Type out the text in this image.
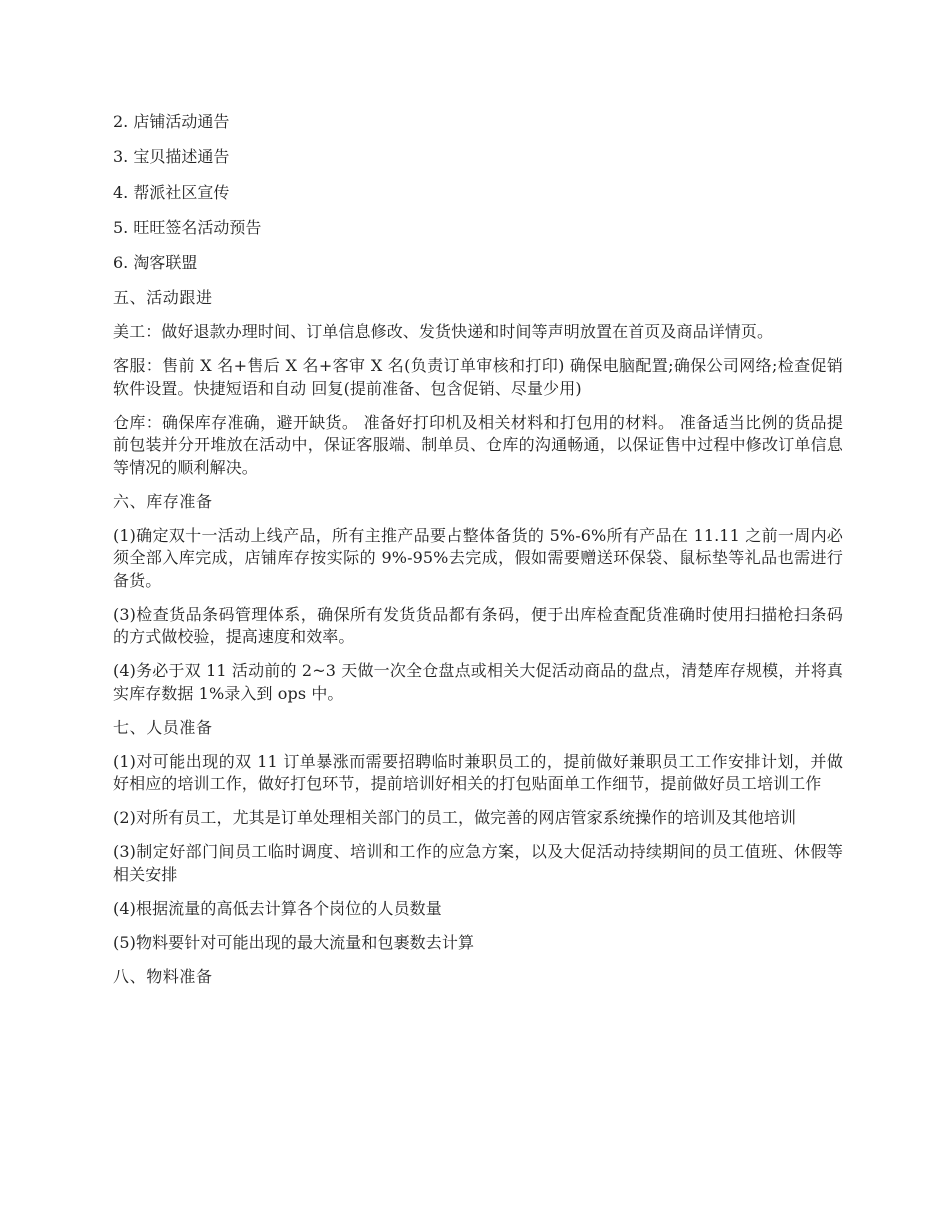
2. 店铺活动通告

3. 宝贝描述通告

4. 帮派社区宣传

5. 旺旺签名活动预告

6. 淘客联盟

五、活动跟进

美工：做好退款办理时间、订单信息修改、发货快递和时间等声明放置在首页及商品详情页。

客服：售前 X 名+售后 X 名+客审 X 名(负责订单审核和打印) 确保电脑配置;确保公司网络;检查促销软件设置。快捷短语和自动 回复(提前准备、包含促销、尽量少用)

仓库：确保库存准确，避开缺货。 准备好打印机及相关材料和打包用的材料。 准备适当比例的货品提前包装并分开堆放在活动中，保证客服端、制单员、仓库的沟通畅通，以保证售中过程中修改订单信息等情况的顺利解决。

六、库存准备

(1)确定双十一活动上线产品，所有主推产品要占整体备货的 5%-6%所有产品在 11.11 之前一周内必须全部入库完成，店铺库存按实际的 9%-95%去完成，假如需要赠送环保袋、鼠标垫等礼品也需进行备货。

(3)检查货品条码管理体系，确保所有发货货品都有条码，便于出库检查配货准确时使用扫描枪扫条码的方式做校验，提高速度和效率。

(4)务必于双 11 活动前的 2~3 天做一次全仓盘点或相关大促活动商品的盘点，清楚库存规模，并将真实库存数据 1%录入到 ops 中。

七、人员准备

(1)对可能出现的双 11 订单暴涨而需要招聘临时兼职员工的，提前做好兼职员工工作安排计划，并做好相应的培训工作，做好打包环节，提前培训好相关的打包贴面单工作细节，提前做好员工培训工作

(2)对所有员工，尤其是订单处理相关部门的员工，做完善的网店管家系统操作的培训及其他培训

(3)制定好部门间员工临时调度、培训和工作的应急方案，以及大促活动持续期间的员工值班、休假等相关安排

(4)根据流量的高低去计算各个岗位的人员数量

(5)物料要针对可能出现的最大流量和包裹数去计算

八、物料准备
